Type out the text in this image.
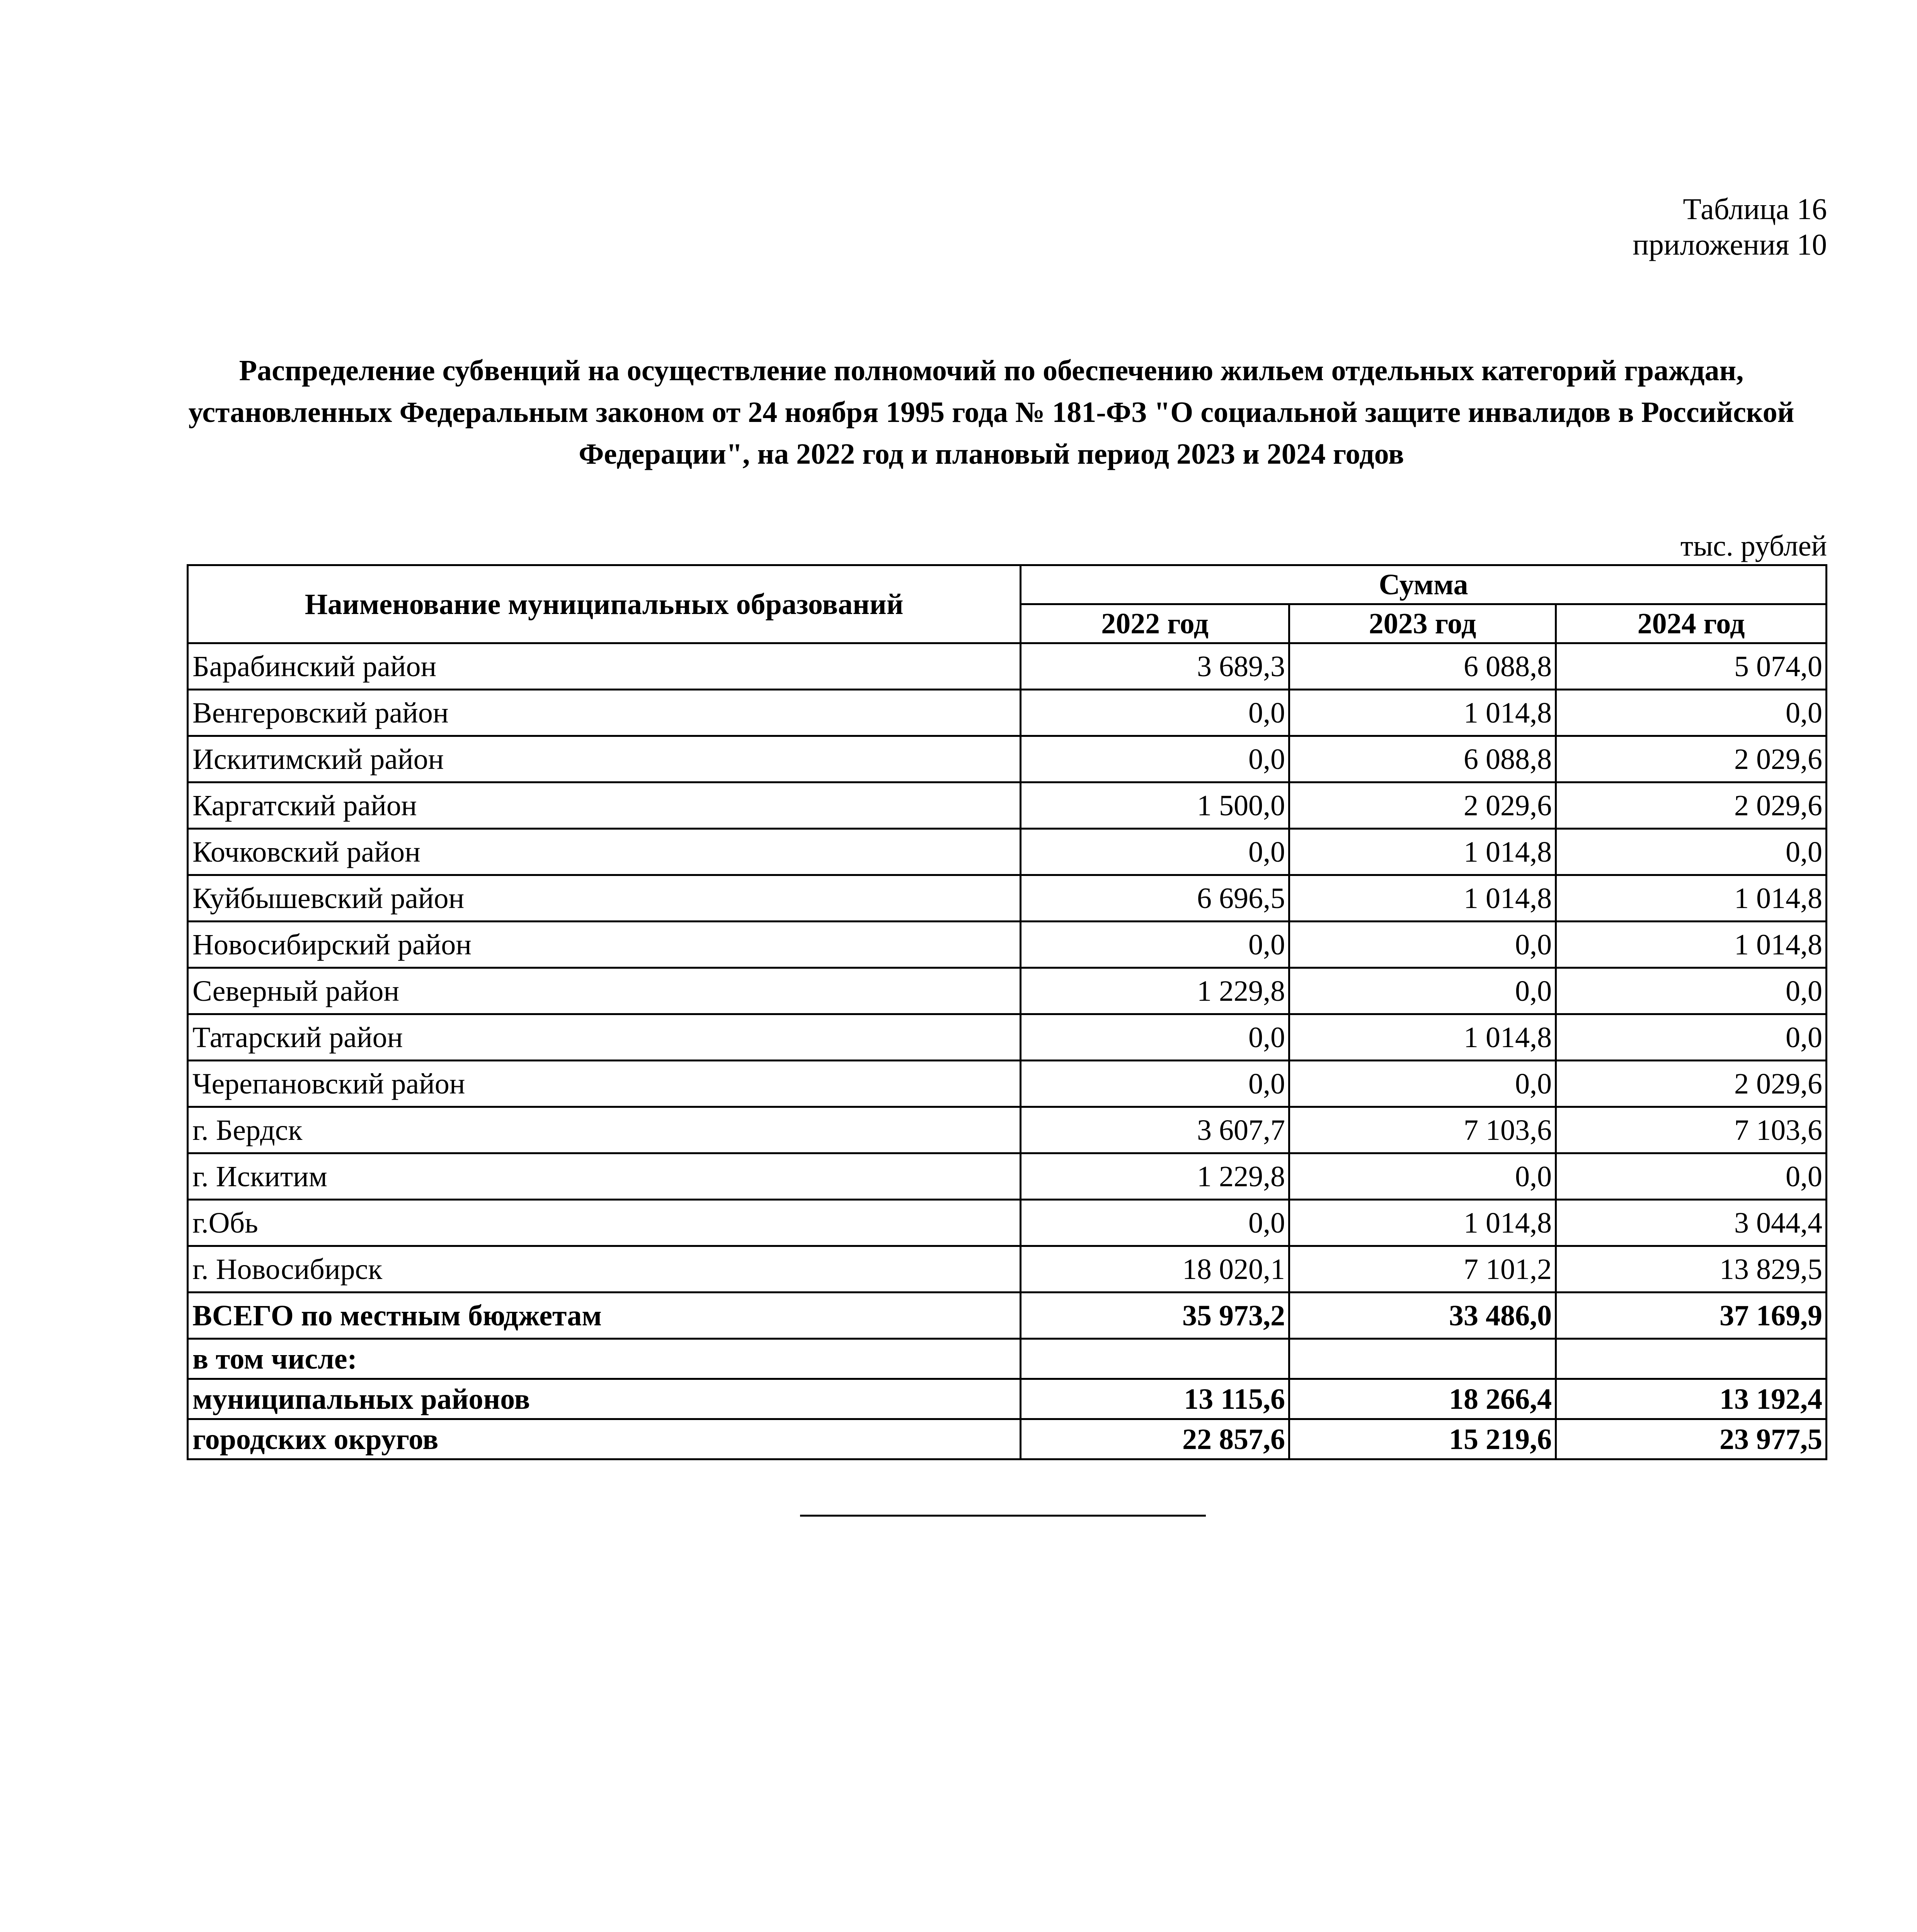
Таблица 16
приложения 10
Распределение субвенций на осуществление полномочий по обеспечению жильем отдельных категорий граждан, установленных Федеральным законом от 24 ноября 1995 года № 181-ФЗ "О социальной защите инвалидов в Российской Федерации", на 2022 год и плановый период 2023 и 2024 годов
тыс. рублей
Наименование муниципальных образований	Сумма		
	2022 год	2023 год	2024 год
Барабинский район	3 689,3	6 088,8	5 074,0
Венгеровский район	0,0	1 014,8	0,0
Искитимский район	0,0	6 088,8	2 029,6
Каргатский район	1 500,0	2 029,6	2 029,6
Кочковский район	0,0	1 014,8	0,0
Куйбышевский район	6 696,5	1 014,8	1 014,8
Новосибирский район	0,0	0,0	1 014,8
Северный район	1 229,8	0,0	0,0
Татарский район	0,0	1 014,8	0,0
Черепановский район	0,0	0,0	2 029,6
г. Бердск	3 607,7	7 103,6	7 103,6
г. Искитим	1 229,8	0,0	0,0
г.Обь	0,0	1 014,8	3 044,4
г. Новосибирск	18 020,1	7 101,2	13 829,5
ВСЕГО по местным бюджетам	35 973,2	33 486,0	37 169,9
в том числе:			
муниципальных районов	13 115,6	18 266,4	13 192,4
городских округов	22 857,6	15 219,6	23 977,5
